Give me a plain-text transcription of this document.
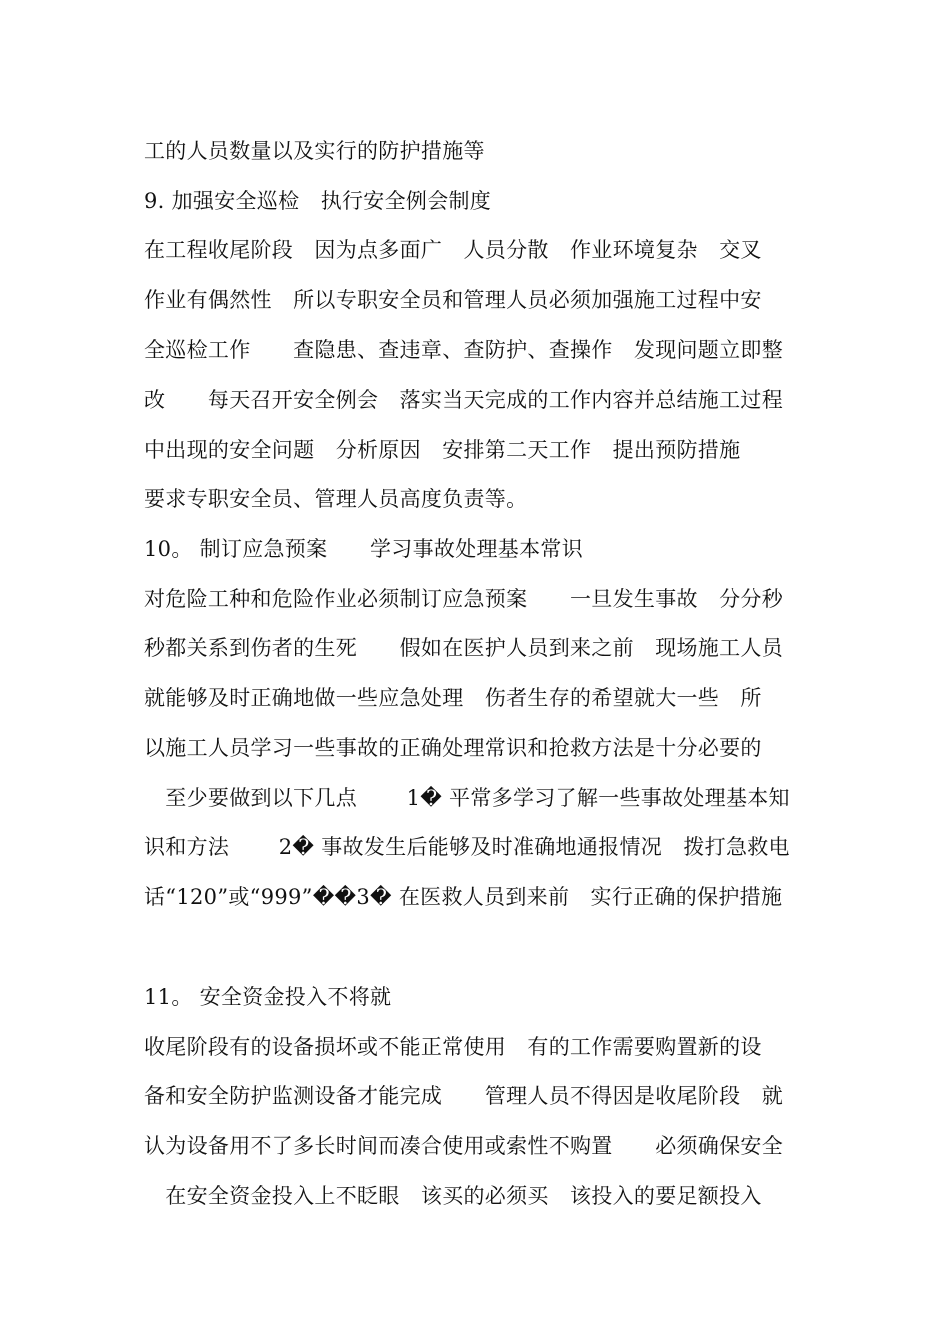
工的人员数量以及实行的防护措施等
9. 加强安全巡检　执行安全例会制度
在工程收尾阶段　因为点多面广　人员分散　作业环境复杂　交叉
作业有偶然性　所以专职安全员和管理人员必须加强施工过程中安
全巡检工作　　查隐患、查违章、查防护、查操作　发现问题立即整
改　　每天召开安全例会　落实当天完成的工作内容并总结施工过程
中出现的安全问题　分析原因　安排第二天工作　提出预防措施
要求专职安全员、管理人员高度负责等。
10。 制订应急预案　　学习事故处理基本常识
对危险工种和危险作业必须制订应急预案　　一旦发生事故　分分秒
秒都关系到伤者的生死　　假如在医护人员到来之前　现场施工人员
就能够及时正确地做一些应急处理　伤者生存的希望就大一些　所
以施工人员学习一些事故的正确处理常识和抢救方法是十分必要的
　至少要做到以下几点　　 1� 平常多学习了解一些事故处理基本知
识和方法　　 2� 事故发生后能够及时准确地通报情况　拨打急救电
话“120”或“999”��3� 在医救人员到来前　实行正确的保护措施
11。 安全资金投入不将就
收尾阶段有的设备损坏或不能正常使用　有的工作需要购置新的设
备和安全防护监测设备才能完成　　管理人员不得因是收尾阶段　就
认为设备用不了多长时间而凑合使用或索性不购置　　必须确保安全
　在安全资金投入上不眨眼　该买的必须买　该投入的要足额投入
